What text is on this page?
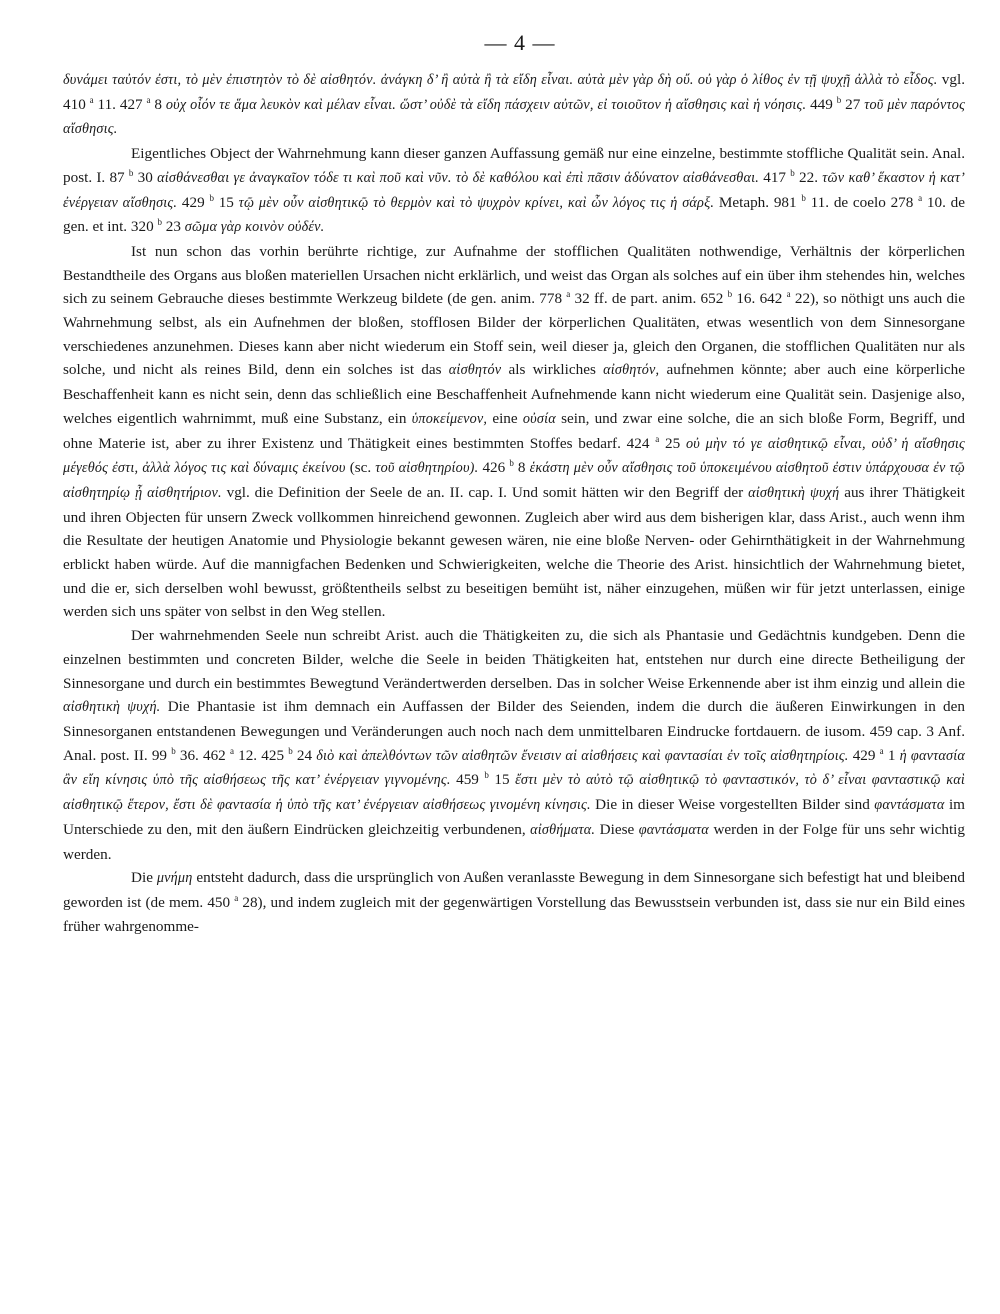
— 4 —

δυνάμει ταὐτόν ἐστι, τὸ μὲν ἐπιστητὸν τὸ δὲ αἰσθητόν. ἀνάγκη δ’ ἢ αὐτὰ ἢ τὰ εἴδη εἶναι. αὐτὰ μὲν γὰρ δὴ οὔ. οὐ γὰρ ὁ λίθος ἐν τῇ ψυχῇ ἀλλὰ τὸ εἶδος. vgl. 410 $^a$ 11. 427 $^a$ 8 οὐχ οἷόν τε ἅμα λευκὸν καὶ μέλαν εἶναι. ὥστ’ οὐδὲ τὰ εἴδη πάσχειν αὐτῶν, εἰ τοιοῦτον ἡ αἴσθησις καὶ ἡ νόησις. 449 $^b$ 27 τοῦ μὲν παρόντος αἴσθησις.

Eigentliches Object der Wahrnehmung kann dieser ganzen Auffassung gemäß nur eine einzelne, bestimmte stoffliche Qualität sein. Anal. post. I. 87 $^b$ 30 αἰσθάνεσθαι γε ἀναγκαῖον τόδε τι καὶ ποῦ καὶ νῦν. τὸ δὲ καθόλου καὶ ἐπὶ πᾶσιν ἀδύνατον αἰσθάνεσθαι. 417 $^b$ 22. τῶν καθ’ ἕκαστον ἡ κατ’ ἐνέργειαν αἴσθησις. 429 $^b$ 15 τῷ μὲν οὖν αἰσθητικῷ τὸ θερμὸν καὶ τὸ ψυχρὸν κρίνει, καὶ ὧν λόγος τις ἡ σάρξ. Metaph. 981 $^b$ 11. de coelo 278 $^a$ 10. de gen. et int. 320 $^b$ 23 σῶμα γὰρ κοινὸν οὐδέν.

Ist nun schon das vorhin berührte richtige, zur Aufnahme der stofflichen Qualitäten nothwendige, Verhältnis der körperlichen Bestandtheile des Organs aus bloßen materiellen Ursachen nicht erklärlich, und weist das Organ als solches auf ein über ihm stehendes hin, welches sich zu seinem Gebrauche dieses bestimmte Werkzeug bildete (de gen. anim. 778 $^a$ 32 ff. de part. anim. 652 $^b$ 16. 642 $^a$ 22), so nöthigt uns auch die Wahrnehmung selbst, als ein Aufnehmen der bloßen, stofflosen Bilder der körperlichen Qualitäten, etwas wesentlich von dem Sinnesorgane verschiedenes anzunehmen. Dieses kann aber nicht wiederum ein Stoff sein, weil dieser ja, gleich den Organen, die stofflichen Qualitäten nur als solche, und nicht als reines Bild, denn ein solches ist das αἰσθητόν als wirkliches αἰσθητόν, aufnehmen könnte; aber auch eine körperliche Beschaffenheit kann es nicht sein, denn das schließlich eine Beschaffenheit Aufnehmende kann nicht wiederum eine Qualität sein. Dasjenige also, welches eigentlich wahrnimmt, muß eine Substanz, ein ὑποκείμενον, eine οὐσία sein, und zwar eine solche, die an sich bloße Form, Begriff, und ohne Materie ist, aber zu ihrer Existenz und Thätigkeit eines bestimmten Stoffes bedarf. 424 $^a$ 25 οὐ μὴν τό γε αἰσθητικῷ εἶναι, οὐδ’ ἡ αἴσθησις μέγεθός ἐστι, ἀλλὰ λόγος τις καὶ δύναμις ἐκείνου (sc. τοῦ αἰσθητηρίου). 426 $^b$ 8 ἑκάστη μὲν οὖν αἴσθησις τοῦ ὑποκειμένου αἰσθητοῦ ἐστιν ὑπάρχουσα ἐν τῷ αἰσθητηρίῳ ᾗ αἰσθητήριον. vgl. die Definition der Seele de an. II. cap. I. Und somit hätten wir den Begriff der αἰσθητικὴ ψυχή aus ihrer Thätigkeit und ihren Objecten für unsern Zweck vollkommen hinreichend gewonnen. Zugleich aber wird aus dem bisherigen klar, dass Arist., auch wenn ihm die Resultate der heutigen Anatomie und Physiologie bekannt gewesen wären, nie eine bloße Nerven- oder Gehirnthätigkeit in der Wahrnehmung erblickt haben würde. Auf die mannigfachen Bedenken und Schwierigkeiten, welche die Theorie des Arist. hinsichtlich der Wahrnehmung bietet, und die er, sich derselben wohl bewusst, größtentheils selbst zu beseitigen bemüht ist, näher einzugehen, müßen wir für jetzt unterlassen, einige werden sich uns später von selbst in den Weg stellen.

Der wahrnehmenden Seele nun schreibt Arist. auch die Thätigkeiten zu, die sich als Phantasie und Gedächtnis kundgeben. Denn die einzelnen bestimmten und concreten Bilder, welche die Seele in beiden Thätigkeiten hat, entstehen nur durch eine directe Betheiligung der Sinnesorgane und durch ein bestimmtes Bewegtund Verändertwerden derselben. Das in solcher Weise Erkennende aber ist ihm einzig und allein die αἰσθητικὴ ψυχή. Die Phantasie ist ihm demnach ein Auffassen der Bilder des Seienden, indem die durch die äußeren Einwirkungen in den Sinnesorganen entstandenen Bewegungen und Veränderungen auch noch nach dem unmittelbaren Eindrucke fortdauern. de iusom. 459 cap. 3 Anf. Anal. post. II. 99 $^b$ 36. 462 $^a$ 12. 425 $^b$ 24 διὸ καὶ ἀπελθόντων τῶν αἰσθητῶν ἔνεισιν αἱ αἰσθήσεις καὶ φαντασίαι ἐν τοῖς αἰσθητηρίοις. 429 $^a$ 1 ἡ φαντασία ἂν εἴη κίνησις ὑπὸ τῆς αἰσθήσεως τῆς κατ’ ἐνέργειαν γιγνομένης. 459 $^b$ 15 ἔστι μὲν τὸ αὐτὸ τῷ αἰσθητικῷ τὸ φανταστικόν, τὸ δ’ εἶναι φανταστικῷ καὶ αἰσθητικῷ ἕτερον, ἔστι δὲ φαντασία ἡ ὑπὸ τῆς κατ’ ἐνέργειαν αἰσθήσεως γινομένη κίνησις. Die in dieser Weise vorgestellten Bilder sind φαντάσματα im Unterschiede zu den, mit den äußern Eindrücken gleichzeitig verbundenen, αἰσθήματα. Diese φαντάσματα werden in der Folge für uns sehr wichtig werden.

Die μνήμη entsteht dadurch, dass die ursprünglich von Außen veranlasste Bewegung in dem Sinnesorgane sich befestigt hat und bleibend geworden ist (de mem. 450 $^a$ 28), und indem zugleich mit der gegenwärtigen Vorstellung das Bewusstsein verbunden ist, dass sie nur ein Bild eines früher wahrgenomme-
